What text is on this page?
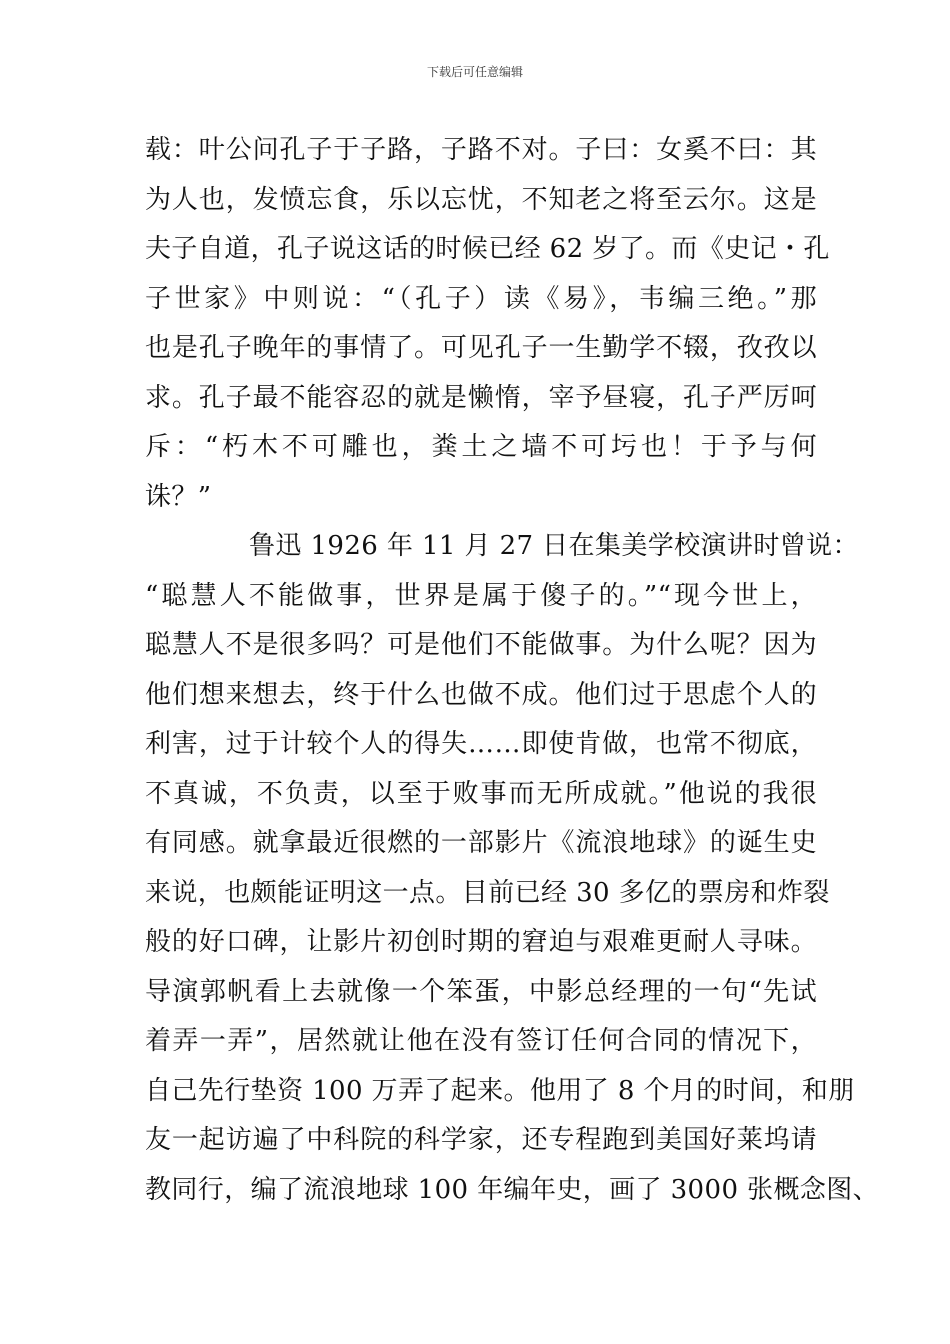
下载后可任意编辑
载：叶公问孔子于子路，子路不对。子曰：女奚不曰：其
为人也，发愤忘食，乐以忘忧，不知老之将至云尔。这是
夫子自道，孔子说这话的时候已经 62 岁了。而《史记・孔
子世家》中则说：“（孔子）读《易》，韦编三绝。”那
也是孔子晚年的事情了。可见孔子一生勤学不辍，孜孜以
求。孔子最不能容忍的就是懒惰，宰予昼寝，孔子严厉呵
斥：“朽木不可雕也，粪土之墙不可圬也！于予与何
诛？”
鲁迅 1926 年 11 月 27 日在集美学校演讲时曾说：
“聪慧人不能做事，世界是属于傻子的。”“现今世上，
聪慧人不是很多吗？可是他们不能做事。为什么呢？因为
他们想来想去，终于什么也做不成。他们过于思虑个人的
利害，过于计较个人的得失……即使肯做，也常不彻底，
不真诚，不负责，以至于败事而无所成就。”他说的我很
有同感。就拿最近很燃的一部影片《流浪地球》的诞生史
来说，也颇能证明这一点。目前已经 30 多亿的票房和炸裂
般的好口碑，让影片初创时期的窘迫与艰难更耐人寻味。
导演郭帆看上去就像一个笨蛋，中影总经理的一句“先试
着弄一弄”，居然就让他在没有签订任何合同的情况下，
自己先行垫资 100 万弄了起来。他用了 8 个月的时间，和朋
友一起访遍了中科院的科学家，还专程跑到美国好莱坞请
教同行，编了流浪地球 100 年编年史，画了 3000 张概念图、
